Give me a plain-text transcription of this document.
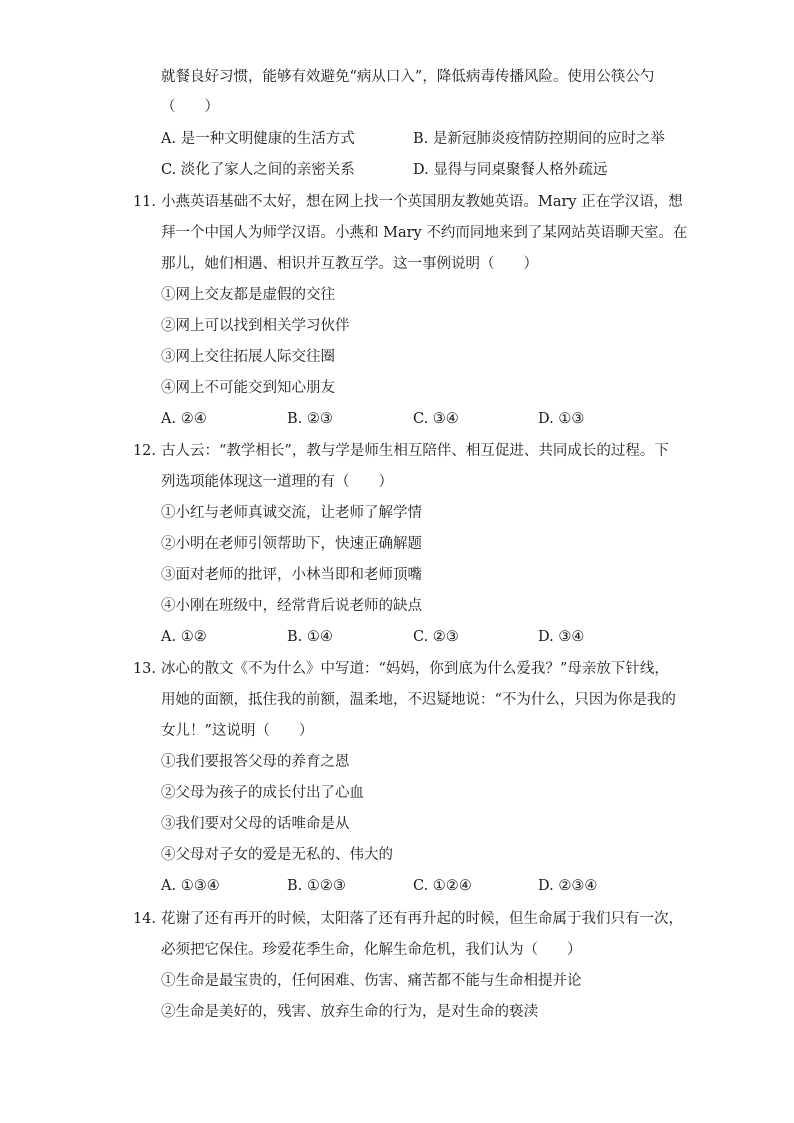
就餐良好习惯，能够有效避免“病从口入”，降低病毒传播风险。使用公筷公勺
（　　）
A. 是一种文明健康的生活方式	B. 是新冠肺炎疫情防控期间的应时之举
C. 淡化了家人之间的亲密关系	D. 显得与同桌聚餐人格外疏远
11. 小燕英语基础不太好，想在网上找一个英国朋友教她英语。Mary 正在学汉语，想
拜一个中国人为师学汉语。小燕和 Mary 不约而同地来到了某网站英语聊天室。在
那儿，她们相遇、相识并互教互学。这一事例说明（　　）
①网上交友都是虚假的交往
②网上可以找到相关学习伙伴
③网上交往拓展人际交往圈
④网上不可能交到知心朋友
A. ②④	B. ②③	C. ③④	D. ①③
12. 古人云：“教学相长”，教与学是师生相互陪伴、相互促进、共同成长的过程。下
列选项能体现这一道理的有（　　）
①小红与老师真诚交流，让老师了解学情
②小明在老师引领帮助下，快速正确解题
③面对老师的批评，小林当即和老师顶嘴
④小刚在班级中，经常背后说老师的缺点
A. ①②	B. ①④	C. ②③	D. ③④
13. 冰心的散文《不为什么》中写道：“妈妈，你到底为什么爱我？”母亲放下针线，
用她的面额，抵住我的前额，温柔地，不迟疑地说：“不为什么，只因为你是我的
女儿！”这说明（　　）
①我们要报答父母的养育之恩
②父母为孩子的成长付出了心血
③我们要对父母的话唯命是从
④父母对子女的爱是无私的、伟大的
A. ①③④	B. ①②③	C. ①②④	D. ②③④
14. 花谢了还有再开的时候，太阳落了还有再升起的时候，但生命属于我们只有一次，
必须把它保住。珍爱花季生命，化解生命危机，我们认为（　　）
①生命是最宝贵的，任何困难、伤害、痛苦都不能与生命相提并论
②生命是美好的，残害、放弃生命的行为，是对生命的亵渎
